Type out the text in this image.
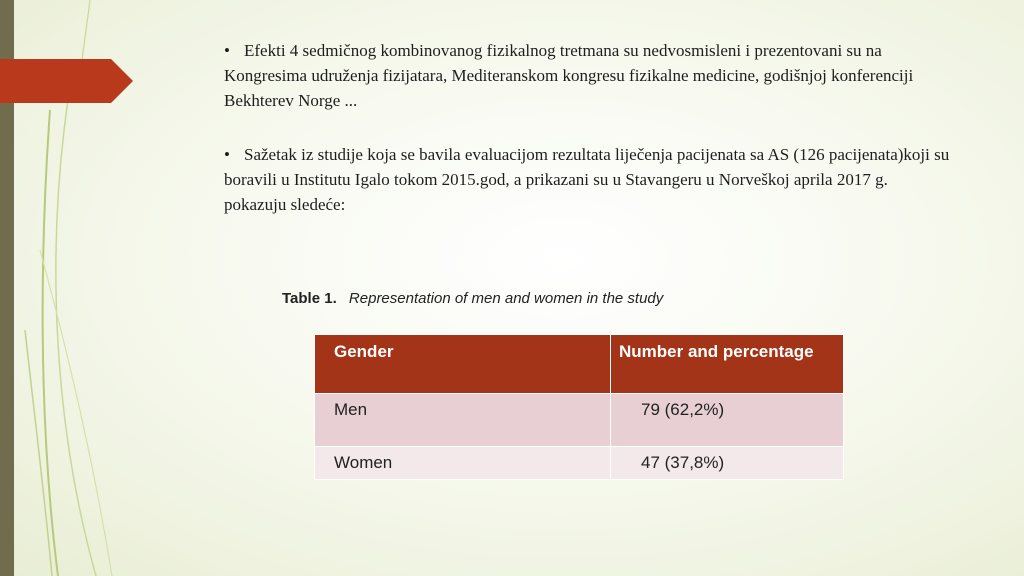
• Efekti 4 sedmičnog kombinovanog fizikalnog tretmana su nedvosmisleni i prezentovani su na Kongresima udruženja fizijatara, Mediteranskom kongresu fizikalne medicine, godišnjoj konferenciji Bekhterev Norge ...
• Sažetak iz studije koja se bavila evaluacijom rezultata liječenja pacijenata sa AS (126 pacijenata)koji su boravili u Institutu Igalo tokom 2015.god, a prikazani su u Stavangeru u Norveškoj aprila 2017 g. pokazuju sledeće:
Table 1. Representation of men and women in the study
Gender	Number and percentage
Men	79 (62,2%)
Women	47 (37,8%)
